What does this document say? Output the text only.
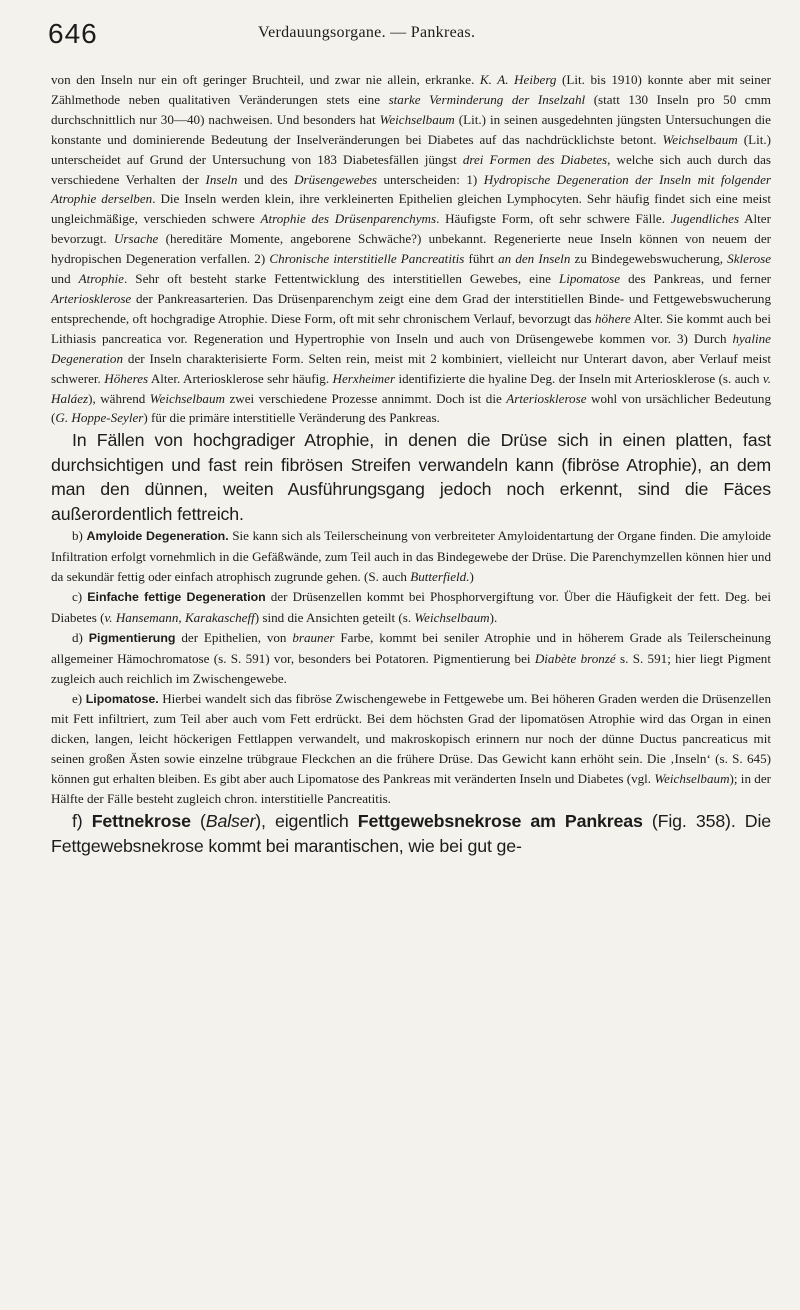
646	Verdauungsorgane. — Pankreas.

von den Inseln nur ein oft geringer Bruchteil, und zwar nie allein, erkranke. K. A. Heiberg (Lit. bis 1910) konnte aber mit seiner Zählmethode neben qualitativen Veränderungen stets eine starke Verminderung der Inselzahl (statt 130 Inseln pro 50 cmm durchschnittlich nur 30—40) nachweisen. Und besonders hat Weichselbaum (Lit.) in seinen ausgedehnten jüngsten Untersuchungen die konstante und dominierende Bedeutung der Inselveränderungen bei Diabetes auf das nachdrücklichste betont. Weichselbaum (Lit.) unterscheidet auf Grund der Untersuchung von 183 Diabetesfällen jüngst drei Formen des Diabetes, welche sich auch durch das verschiedene Verhalten der Inseln und des Drüsengewebes unterscheiden: 1) Hydropische Degeneration der Inseln mit folgender Atrophie derselben. Die Inseln werden klein, ihre verkleinerten Epithelien gleichen Lymphocyten. Sehr häufig findet sich eine meist ungleichmäßige, verschieden schwere Atrophie des Drüsenparenchyms. Häufigste Form, oft sehr schwere Fälle. Jugendliches Alter bevorzugt. Ursache (hereditäre Momente, angeborene Schwäche?) unbekannt. Regenerierte neue Inseln können von neuem der hydropischen Degeneration verfallen. 2) Chronische interstitielle Pancreatitis führt an den Inseln zu Bindegewebswucherung, Sklerose und Atrophie. Sehr oft besteht starke Fettentwicklung des interstitiellen Gewebes, eine Lipomatose des Pankreas, und ferner Arteriosklerose der Pankreasarterien. Das Drüsenparenchym zeigt eine dem Grad der interstitiellen Binde- und Fettgewebswucherung entsprechende, oft hochgradige Atrophie. Diese Form, oft mit sehr chronischem Verlauf, bevorzugt das höhere Alter. Sie kommt auch bei Lithiasis pancreatica vor. Regeneration und Hypertrophie von Inseln und auch von Drüsengewebe kommen vor. 3) Durch hyaline Degeneration der Inseln charakterisierte Form. Selten rein, meist mit 2 kombiniert, vielleicht nur Unterart davon, aber Verlauf meist schwerer. Höheres Alter. Arteriosklerose sehr häufig. Herxheimer identifizierte die hyaline Deg. der Inseln mit Arteriosklerose (s. auch v. Haláez), während Weichselbaum zwei verschiedene Prozesse annimmt. Doch ist die Arteriosklerose wohl von ursächlicher Bedeutung (G. Hoppe-Seyler) für die primäre interstitielle Veränderung des Pankreas.

In Fällen von hochgradiger Atrophie, in denen die Drüse sich in einen platten, fast durchsichtigen und fast rein fibrösen Streifen verwandeln kann (fibröse Atrophie), an dem man den dünnen, weiten Ausführungsgang jedoch noch erkennt, sind die Fäces außerordentlich fettreich.

b) Amyloide Degeneration. Sie kann sich als Teilerscheinung von verbreiteter Amyloidentartung der Organe finden. Die amyloide Infiltration erfolgt vornehmlich in die Gefäßwände, zum Teil auch in das Bindegewebe der Drüse. Die Parenchymzellen können hier und da sekundär fettig oder einfach atrophisch zugrunde gehen. (S. auch Butterfield.)

c) Einfache fettige Degeneration der Drüsenzellen kommt bei Phosphorvergiftung vor. Über die Häufigkeit der fett. Deg. bei Diabetes (v. Hansemann, Karakascheff) sind die Ansichten geteilt (s. Weichselbaum).

d) Pigmentierung der Epithelien, von brauner Farbe, kommt bei seniler Atrophie und in höherem Grade als Teilerscheinung allgemeiner Hämochromatose (s. S. 591) vor, besonders bei Potatoren. Pigmentierung bei Diabète bronzé s. S. 591; hier liegt Pigment zugleich auch reichlich im Zwischengewebe.

e) Lipomatose. Hierbei wandelt sich das fibröse Zwischengewebe in Fettgewebe um. Bei höheren Graden werden die Drüsenzellen mit Fett infiltriert, zum Teil aber auch vom Fett erdrückt. Bei dem höchsten Grad der lipomatösen Atrophie wird das Organ in einen dicken, langen, leicht höckerigen Fettlappen verwandelt, und makroskopisch erinnern nur noch der dünne Ductus pancreaticus mit seinen großen Ästen sowie einzelne trübgraue Fleckchen an die frühere Drüse. Das Gewicht kann erhöht sein. Die ‚Inseln‘ (s. S. 645) können gut erhalten bleiben. Es gibt aber auch Lipomatose des Pankreas mit veränderten Inseln und Diabetes (vgl. Weichselbaum); in der Hälfte der Fälle besteht zugleich chron. interstitielle Pancreatitis.

f) Fettnekrose (Balser), eigentlich Fettgewebsnekrose am Pankreas (Fig. 358). Die Fettgewebsnekrose kommt bei marantischen, wie bei gut ge-
